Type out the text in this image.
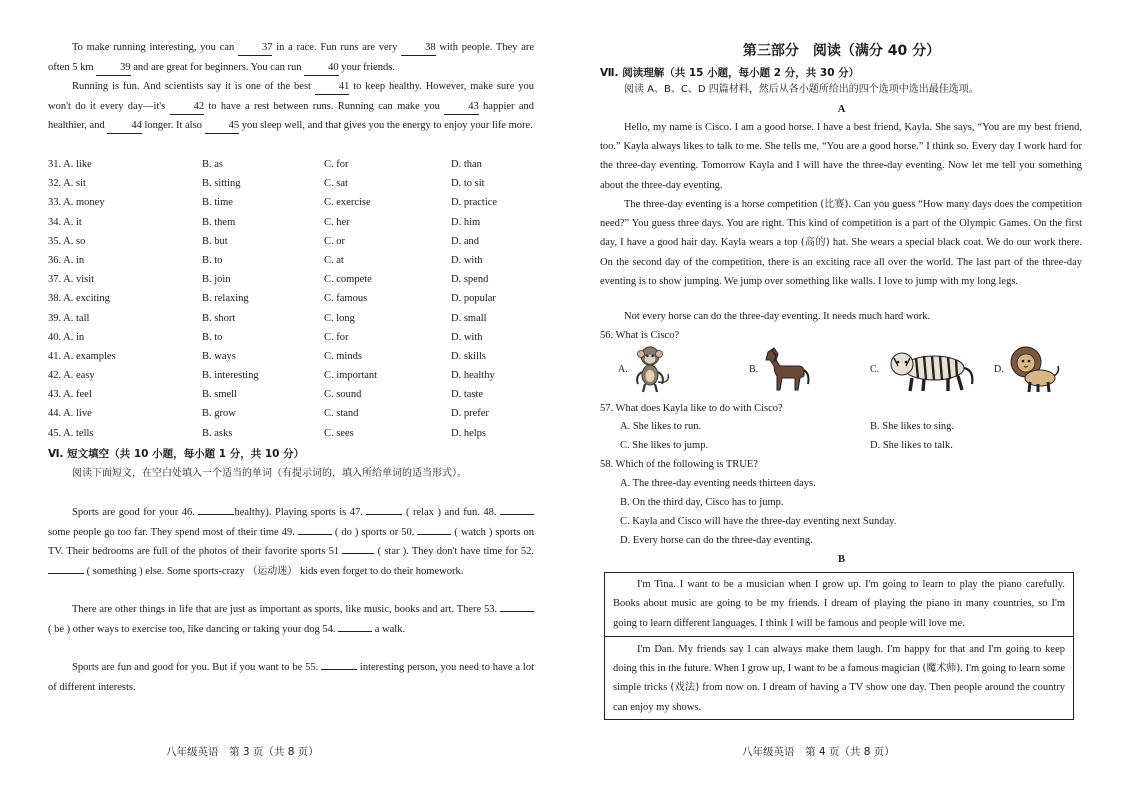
To make running interesting, you can	37 in a race. Fun runs are very	38 with people. They are often 5 km	39 and are great for beginners. You can run	40 your friends.
Running is fun. And scientists say it is one of the best	41 to keep healthy. However, make sure you won't do it every day—it's	42 to have a rest between runs. Running can make you	43 happier and healthier, and	44 longer. It also	45 you sleep well, and that gives you the energy to enjoy your life more.
31. A. like	B. as	C. for	D. than
32. A. sit	B. sitting	C. sat	D. to sit
33. A. money	B. time	C. exercise	D. practice
34. A. it	B. them	C. her	D. him
35. A. so	B. but	C. or	D. and
36. A. in	B. to	C. at	D. with
37. A. visit	B. join	C. compete	D. spend
38. A. exciting	B. relaxing	C. famous	D. popular
39. A. tall	B. short	C. long	D. small
40. A. in	B. to	C. for	D. with
41. A. examples	B. ways	C. minds	D. skills
42. A. easy	B. interesting	C. important	D. healthy
43. A. feel	B. smell	C. sound	D. taste
44. A. live	B. grow	C. stand	D. prefer
45. A. tells	B. asks	C. sees	D. helps
Ⅵ. 短文填空（共 10 小题，每小题 1 分，共 10 分）
阅读下面短文，在空白处填入一个适当的单词（有提示词的，填入所给单词的适当形式）。
Sports are good for your 46.	healthy). Playing sports is 47.	( relax ) and fun. 48.  some people go too far. They spend most of their time 49.	( do ) sports or 50.	( watch ) sports on TV. Their bedrooms are full of the photos of their favorite sports 51	( star ). They don't have time for 52.  ( something ) else. Some sports-crazy （运动迷） kids even forget to do their homework.
There are other things in life that are just as important as sports, like music, books and art. There 53.  ( be ) other ways to exercise too, like dancing or taking your dog 54.	a walk.
Sports are fun and good for you. But if you want to be 55.	interesting person, you need to have a lot of different interests.
八年级英语　第 3 页（共 8 页）
第三部分　阅读（满分 40 分）
Ⅶ. 阅读理解（共 15 小题，每小题 2 分，共 30 分）
阅读 A、B、C、D 四篇材料，然后从各小题所给出的四个选项中选出最佳选项。
A
Hello, my name is Cisco. I am a good horse. I have a best friend, Kayla. She says, “You are my best friend, too.” Kayla always likes to talk to me. She tells me, “You are a good horse.” I think so. Every day I work hard for the three-day eventing. Tomorrow Kayla and I will have the three-day eventing. Now let me tell you something about the three-day eventing.
The three-day eventing is a horse competition (比赛). Can you guess “How many days does the competition need?” You guess three days. You are right. This kind of competition is a part of the Olympic Games. On the first day, I have a good hair day. Kayla wears a top (高的) hat. She wears a special black coat. We do our work there. On the second day of the competition, there is an exciting race all over the world. The last part of the three-day eventing is to show jumping. We jump over something like walls. I love to jump with my long legs.
Not every horse can do the three-day eventing. It needs much hard work.
56. What is Cisco?
A.	B.	C.	D.
57. What does Kayla like to do with Cisco?
A. She likes to run.	B. She likes to sing.
C. She likes to jump.	D. She likes to talk.
58. Which of the following is TRUE?
A. The three-day eventing needs thirteen days.
B. On the third day, Cisco has to jump.
C. Kayla and Cisco will have the three-day eventing next Sunday.
D. Every horse can do the three-day eventing.
B
I'm Tina. I want to be a musician when I grow up. I'm going to learn to play the piano carefully. Books about music are going to be my friends. I dream of playing the piano in many countries, so I'm going to learn different languages. I think I will be famous and people will love me.
I'm Dan. My friends say I can always make them laugh. I'm happy for that and I'm going to keep doing this in the future. When I grow up, I want to be a famous magician (魔术师). I'm going to learn some simple tricks (戏法) from now on. I dream of having a TV show one day. Then people around the country can enjoy my shows.
八年级英语　第 4 页（共 8 页）
